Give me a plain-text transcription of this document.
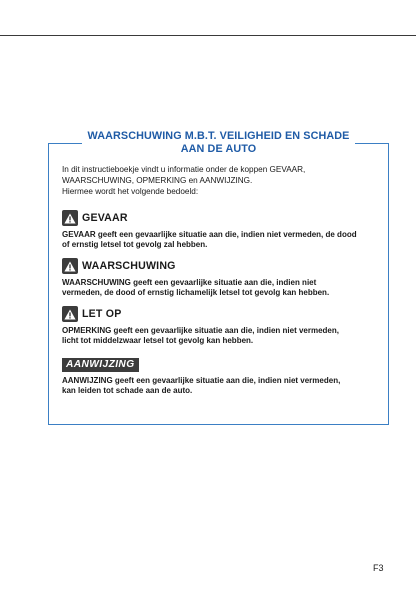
WAARSCHUWING M.B.T. VEILIGHEID EN SCHADE
AAN DE AUTO

In dit instructieboekje vindt u informatie onder de koppen GEVAAR,
WAARSCHUWING, OPMERKING en AANWIJZING.

Hiermee wordt het volgende bedoeld:

GEVAAR
GEVAAR geeft een gevaarlijke situatie aan die, indien niet vermeden, de dood
of ernstig letsel tot gevolg zal hebben.
WAARSCHUWING
WAARSCHUWING geeft een gevaarlijke situatie aan die, indien niet
vermeden, de dood of ernstig lichamelijk letsel tot gevolg kan hebben.
LET OP
OPMERKING geeft een gevaarlijke situatie aan die, indien niet vermeden,
licht tot middelzwaar letsel tot gevolg kan hebben.
AANWIJZING
AANWIJZING geeft een gevaarlijke situatie aan die, indien niet vermeden,
kan leiden tot schade aan de auto.
F3
